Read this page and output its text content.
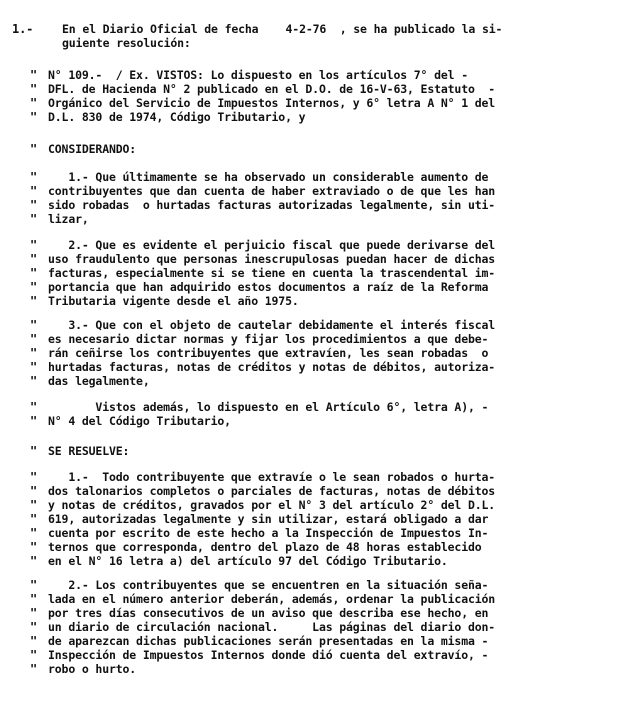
1.-	En el Diario Oficial de fecha    4-2-76  , se ha publicado la si-
guiente resolución:
" N° 109.-  / Ex. VISTOS: Lo dispuesto en los artículos 7° del -
" DFL. de Hacienda N° 2 publicado en el D.O. de 16-V-63, Estatuto  -
" Orgánico del Servicio de Impuestos Internos, y 6° letra A N° 1 del
" D.L. 830 de 1974, Código Tributario, y
" CONSIDERANDO:
" 1.- Que últimamente se ha observado un considerable aumento de
" contribuyentes que dan cuenta de haber extraviado o de que les han
" sido robadas  o hurtadas facturas autorizadas legalmente, sin uti-
" lizar,
" 2.- Que es evidente el perjuicio fiscal que puede derivarse del
" uso fraudulento que personas inescrupulosas puedan hacer de dichas
" facturas, especialmente si se tiene en cuenta la trascendental im-
" portancia que han adquirido estos documentos a raíz de la Reforma
" Tributaria vigente desde el año 1975.
" 3.- Que con el objeto de cautelar debidamente el interés fiscal
" es necesario dictar normas y fijar los procedimientos a que debe-
" rán ceñirse los contribuyentes que extravíen, les sean robadas  o
" hurtadas facturas, notas de créditos y notas de débitos, autoriza-
" das legalmente,
" Vistos además, lo dispuesto en el Artículo 6°, letra A), -
" N° 4 del Código Tributario,
" SE RESUELVE:
" 1.-  Todo contribuyente que extravíe o le sean robados o hurta-
" dos talonarios completos o parciales de facturas, notas de débitos
" y notas de créditos, gravados por el N° 3 del artículo 2° del D.L.
" 619, autorizadas legalmente y sin utilizar, estará obligado a dar
" cuenta por escrito de este hecho a la Inspección de Impuestos In-
" ternos que corresponda, dentro del plazo de 48 horas establecido
" en el N° 16 letra a) del artículo 97 del Código Tributario.
" 2.- Los contribuyentes que se encuentren en la situación seña-
" lada en el número anterior deberán, además, ordenar la publicación
" por tres días consecutivos de un aviso que describa ese hecho, en
" un diario de circulación nacional.     Las páginas del diario don-
" de aparezcan dichas publicaciones serán presentadas en la misma -
" Inspección de Impuestos Internos donde dió cuenta del extravío, -
" robo o hurto.
